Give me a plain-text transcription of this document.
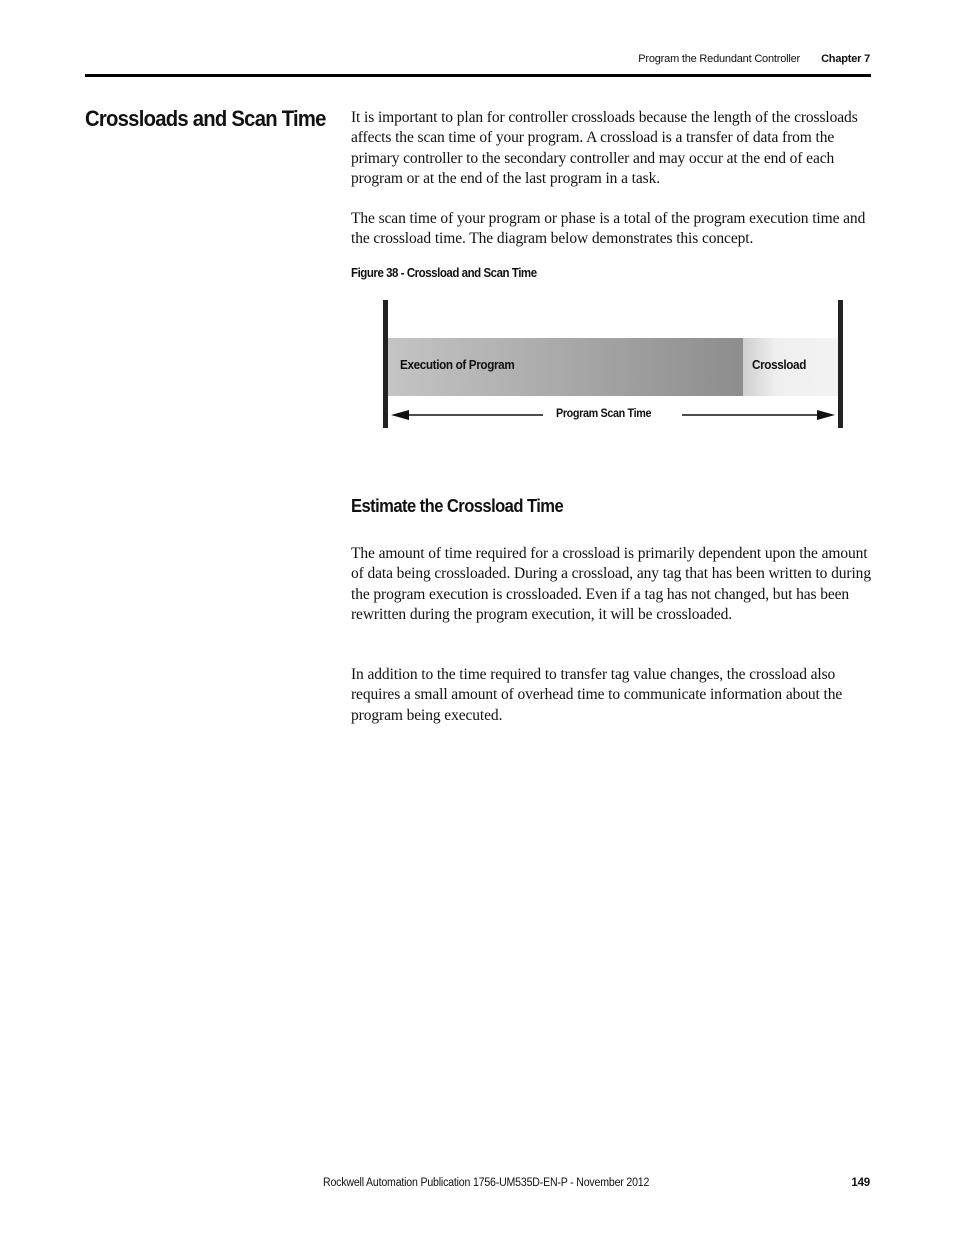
Program the Redundant Controller Chapter 7
Crossloads and Scan Time It is important to plan for controller crossloads because the length of the crossloads affects the scan time of your program. A crossload is a transfer of data from the primary controller to the secondary controller and may occur at the end of each program or at the end of the last program in a task.

The scan time of your program or phase is a total of the program execution time and the crossload time. The diagram below demonstrates this concept.

Figure 38 - Crossload and Scan Time

Execution of Program	Crossload
Program Scan Time
Estimate the Crossload Time

The amount of time required for a crossload is primarily dependent upon the amount of data being crossloaded. During a crossload, any tag that has been written to during the program execution is crossloaded. Even if a tag has not changed, but has been rewritten during the program execution, it will be crossloaded.

In addition to the time required to transfer tag value changes, the crossload also requires a small amount of overhead time to communicate information about the program being executed.

Rockwell Automation Publication 1756-UM535D-EN-P - November 2012	149
